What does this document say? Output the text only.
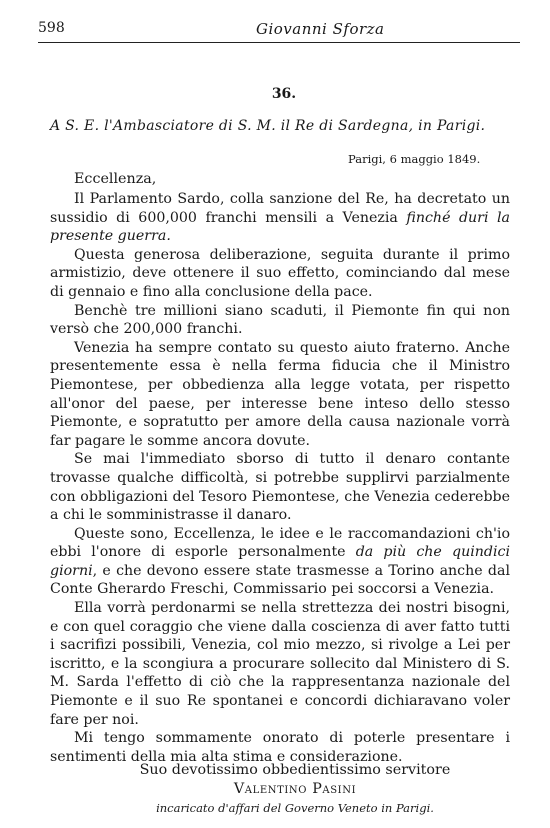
598	Giovanni Sforza
36.
A S. E. l'Ambasciatore di S. M. il Re di Sardegna, in Parigi.
Parigi, 6 maggio 1849.
Eccellenza,

Il Parlamento Sardo, colla sanzione del Re, ha decretato un sussidio di 600,000 franchi mensili a Venezia finché duri la presente guerra.

Questa generosa deliberazione, seguita durante il primo armistizio, deve ottenere il suo effetto, cominciando dal mese di gennaio e fino alla conclusione della pace.

Benchè tre millioni siano scaduti, il Piemonte fin qui non versò che 200,000 franchi.

Venezia ha sempre contato su questo aiuto fraterno. Anche presentemente essa è nella ferma fiducia che il Ministro Piemontese, per obbedienza alla legge votata, per rispetto all'onor del paese, per interesse bene inteso dello stesso Piemonte, e sopratutto per amore della causa nazionale vorrà far pagare le somme ancora dovute.

Se mai l'immediato sborso di tutto il denaro contante trovasse qualche difficoltà, si potrebbe supplirvi parzialmente con obbligazioni del Tesoro Piemontese, che Venezia cederebbe a chi le somministrasse il danaro.

Queste sono, Eccellenza, le idee e le raccomandazioni ch'io ebbi l'onore di esporle personalmente da più che quindici giorni, e che devono essere state trasmesse a Torino anche dal Conte Gherardo Freschi, Commissario pei soccorsi a Venezia.

Ella vorrà perdonarmi se nella strettezza dei nostri bisogni, e con quel coraggio che viene dalla coscienza di aver fatto tutti i sacrifizi possibili, Venezia, col mio mezzo, si rivolge a Lei per iscritto, e la scongiura a procurare sollecito dal Ministero di S. M. Sarda l'effetto di ciò che la rappresentanza nazionale del Piemonte e il suo Re spontanei e concordi dichiaravano voler fare per noi.

Mi tengo sommamente onorato di poterle presentare i sentimenti della mia alta stima e considerazione.

Suo devotissimo obbedientissimo servitore
Valentino Pasini
incaricato d'affari del Governo Veneto in Parigi.
